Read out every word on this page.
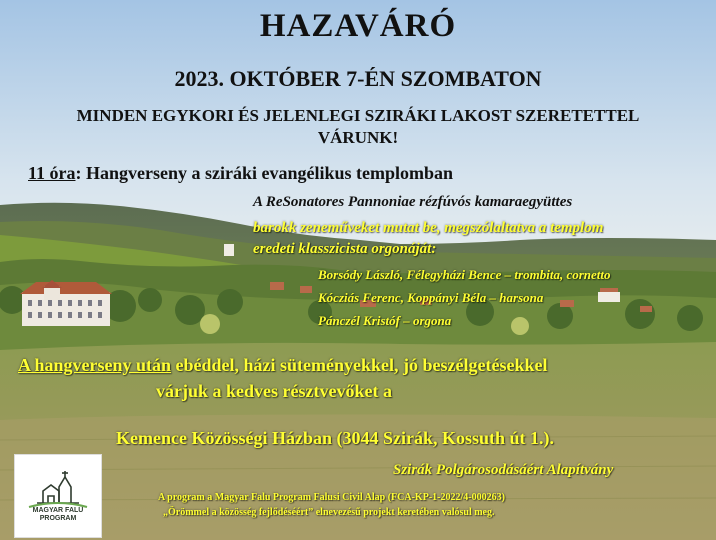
HAZAVÁRÓ
2023. OKTÓBER 7-ÉN SZOMBATON
MINDEN EGYKORI ÉS JELENLEGI SZIRÁKI LAKOST SZERETETTEL
VÁRUNK!
11 óra: Hangverseny a sziráki evangélikus templomban
A ReSonatores Pannoniae rézfúvós kamaraegyüttes
barokk zeneműveket mutat be, megszólaltatva a templom
eredeti klasszicista orgonáját:
Borsódy László, Félegyházi Bence – trombita, cornetto
Kócziás Ferenc, Koppányi Béla – harsona
Pánczél Kristóf – orgona
A hangverseny után ebéddel, házi süteményekkel, jó beszélgetésekkel
várjuk a kedves résztvevőket a
Kemence Közösségi Házban (3044 Szirák, Kossuth út 1.).
Szirák Polgárosodásáért Alapítvány
A program a Magyar Falu Program Falusi Civil Alap (FCA-KP-1-2022/4-000263)
„Örömmel a közösség fejlődéséért” elnevezésű projekt keretében valósul meg.
MAGYAR FALU
PROGRAM
